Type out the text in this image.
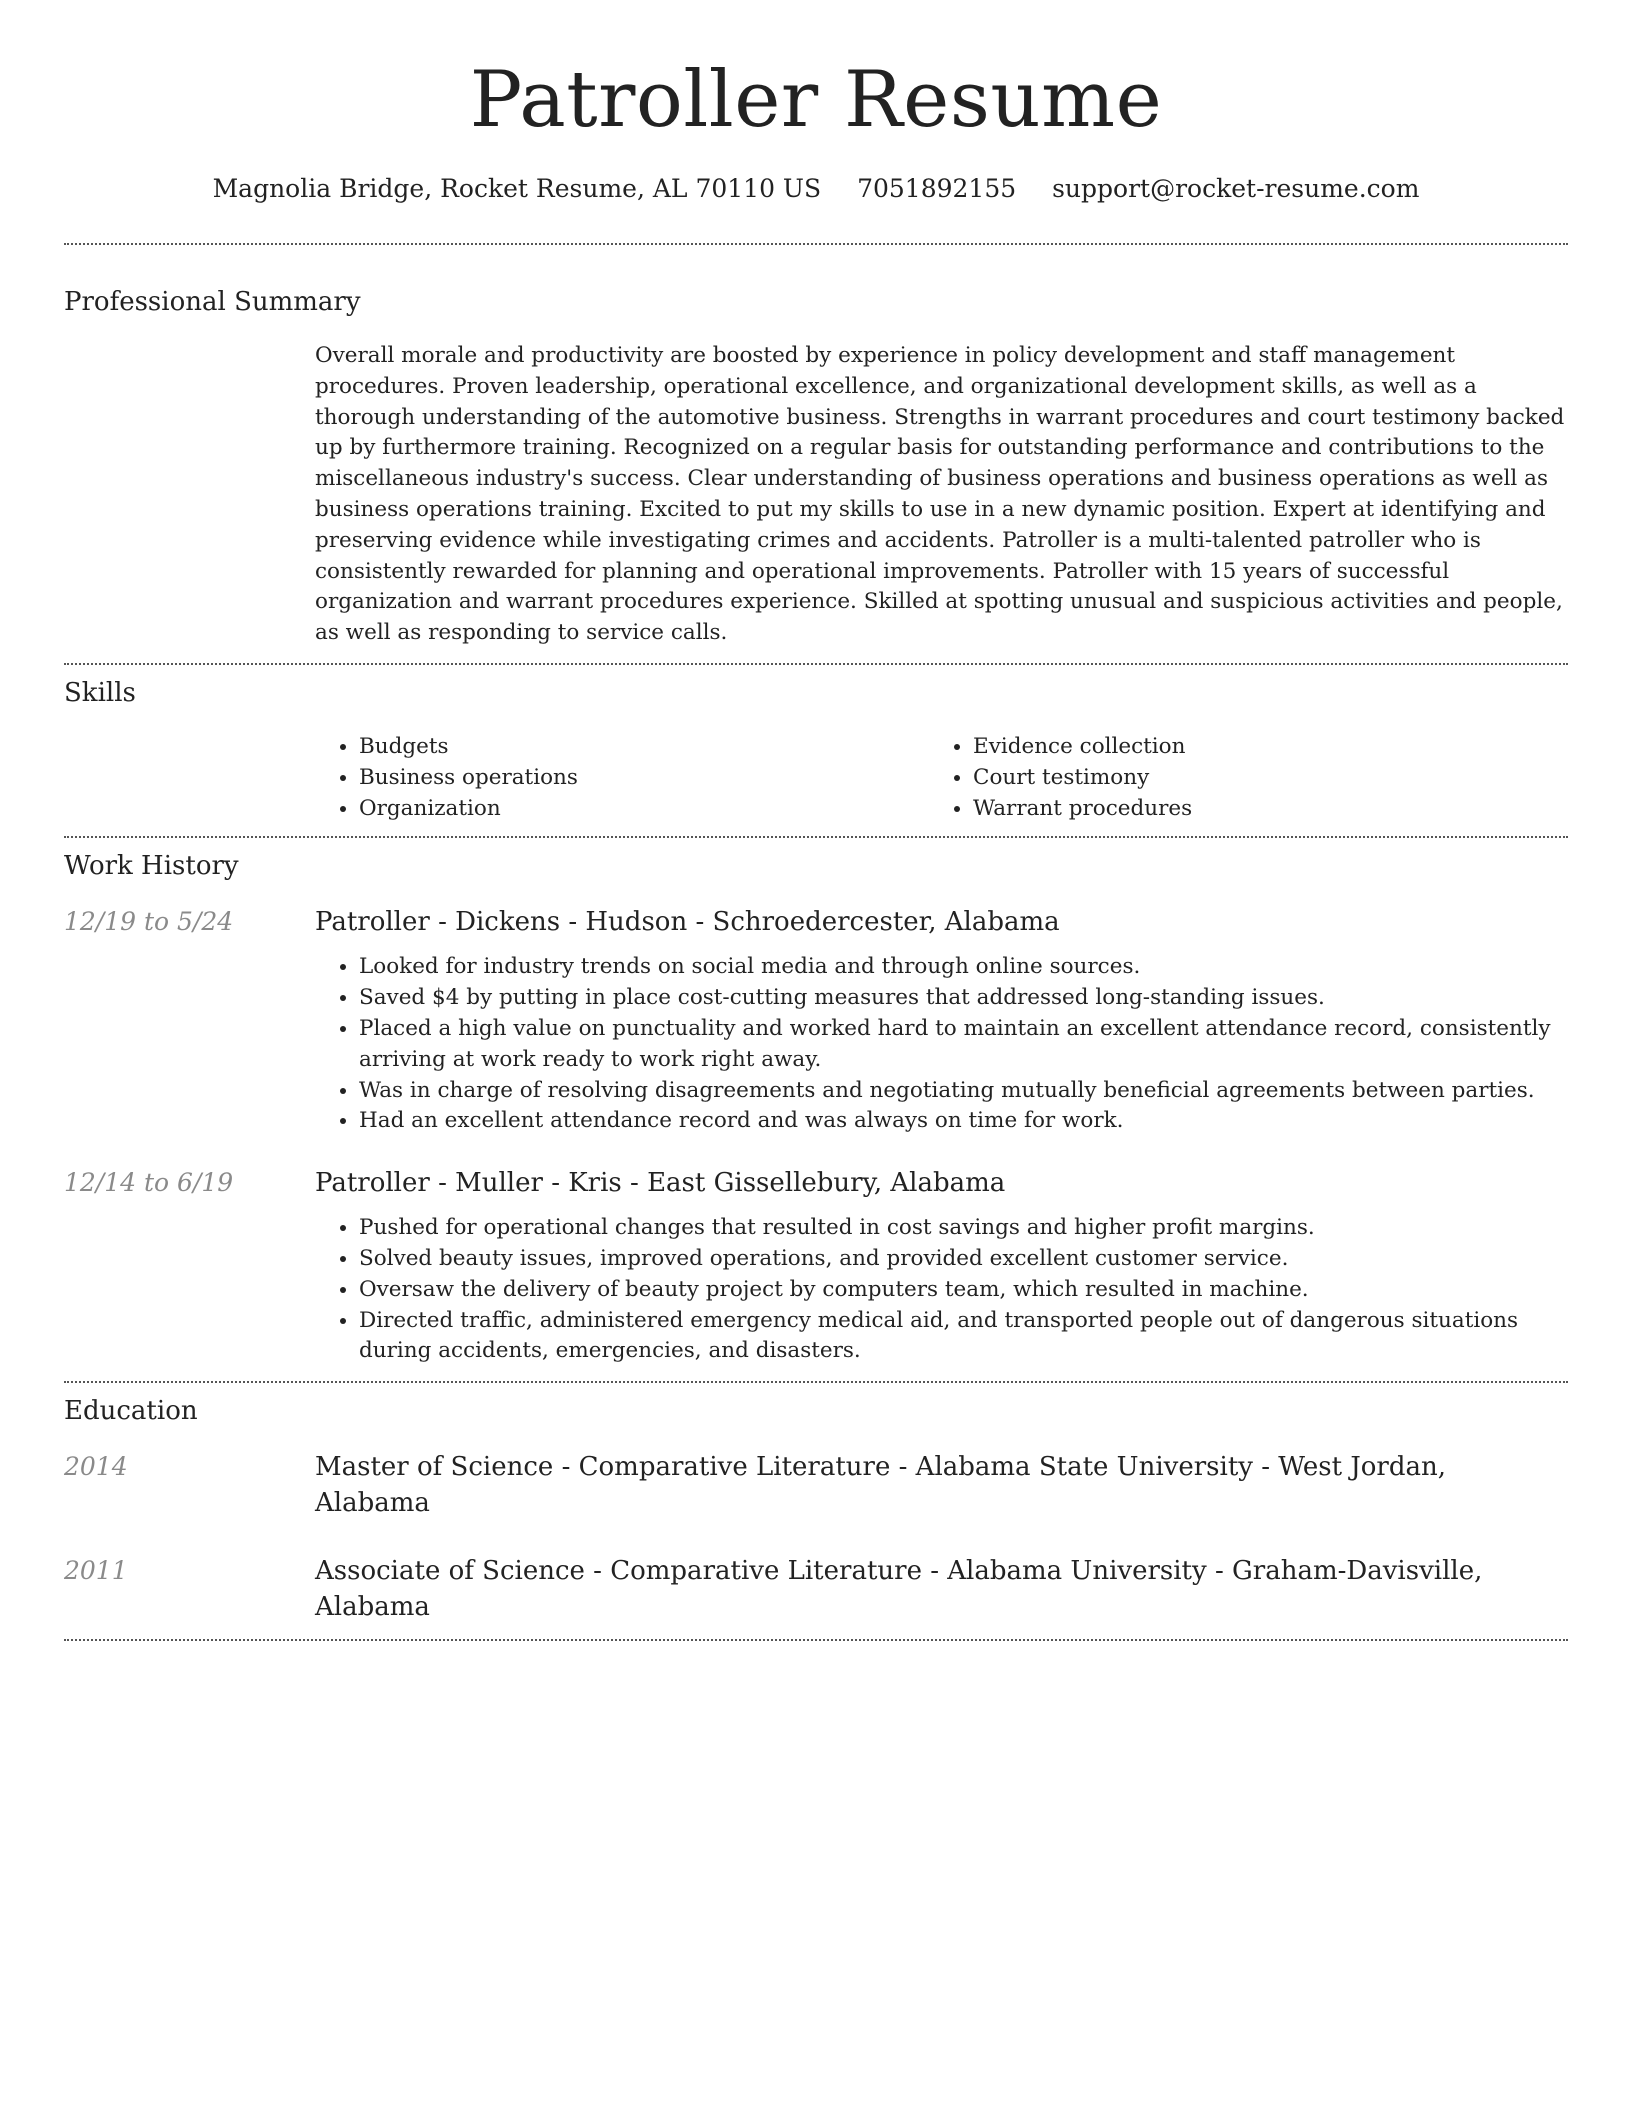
Patroller Resume
Magnolia Bridge, Rocket Resume, AL 70110 US 7051892155 support@rocket-resume.com
Professional Summary
Overall morale and productivity are boosted by experience in policy development and staff management procedures. Proven leadership, operational excellence, and organizational development skills, as well as a thorough understanding of the automotive business. Strengths in warrant procedures and court testimony backed up by furthermore training. Recognized on a regular basis for outstanding performance and contributions to the miscellaneous industry's success. Clear understanding of business operations and business operations as well as business operations training. Excited to put my skills to use in a new dynamic position. Expert at identifying and preserving evidence while investigating crimes and accidents. Patroller is a multi-talented patroller who is consistently rewarded for planning and operational improvements. Patroller with 15 years of successful organization and warrant procedures experience. Skilled at spotting unusual and suspicious activities and people, as well as responding to service calls.
Skills
• Budgets
• Business operations
• Organization
• Evidence collection
• Court testimony
• Warrant procedures
Work History
12/19 to 5/24	Patroller - Dickens - Hudson - Schroedercester, Alabama
• Looked for industry trends on social media and through online sources.
• Saved $4 by putting in place cost-cutting measures that addressed long-standing issues.
• Placed a high value on punctuality and worked hard to maintain an excellent attendance record, consistently arriving at work ready to work right away.
• Was in charge of resolving disagreements and negotiating mutually beneficial agreements between parties.
• Had an excellent attendance record and was always on time for work.
12/14 to 6/19	Patroller - Muller - Kris - East Gissellebury, Alabama
• Pushed for operational changes that resulted in cost savings and higher profit margins.
• Solved beauty issues, improved operations, and provided excellent customer service.
• Oversaw the delivery of beauty project by computers team, which resulted in machine.
• Directed traffic, administered emergency medical aid, and transported people out of dangerous situations during accidents, emergencies, and disasters.
Education
2014	Master of Science - Comparative Literature - Alabama State University - West Jordan, Alabama
2011	Associate of Science - Comparative Literature - Alabama University - Graham-Davisville, Alabama
